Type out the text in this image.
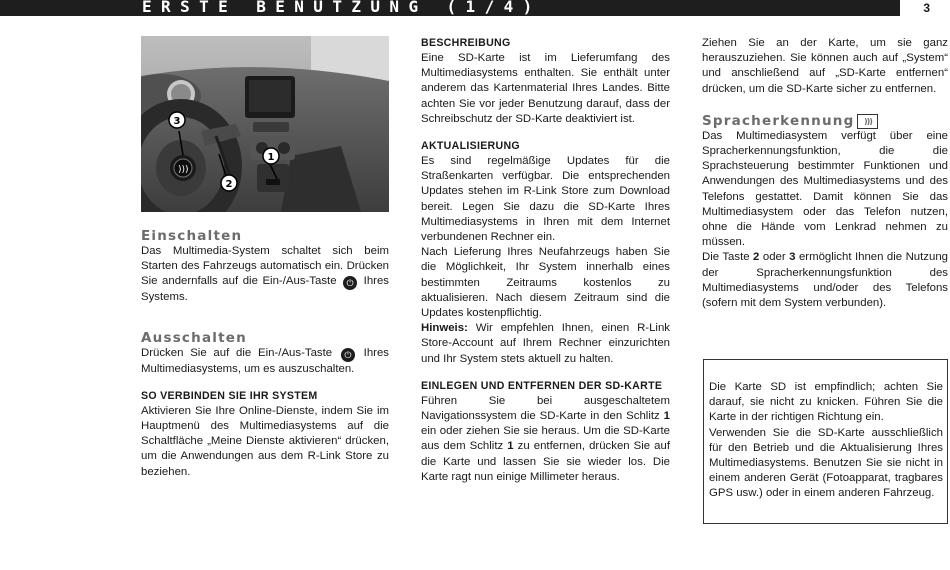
ERSTE BENUTZUNG (1/4)	3
)))
3
2
1

Einschalten

Das Multimedia-System schaltet sich beim Starten des Fahrzeugs automatisch ein. Drücken Sie andernfalls auf die Ein-/Aus-Taste ⏻ Ihres Systems.

Ausschalten

Drücken Sie auf die Ein-/Aus-Taste ⏻ Ihres Multimediasystems, um es auszuschalten.

SO VERBINDEN SIE IHR SYSTEM

Aktivieren Sie Ihre Online-Dienste, indem Sie im Hauptmenü des Multimediasystems auf die Schaltfläche „Meine Dienste aktivieren“ drücken, um die Anwendungen aus dem R-Link Store zu beziehen.

BESCHREIBUNG

Eine SD-Karte ist im Lieferumfang des Multimediasystems enthalten. Sie enthält unter anderem das Kartenmaterial Ihres Landes. Bitte achten Sie vor jeder Benutzung darauf, dass der Schreibschutz der SD-Karte deaktiviert ist.

AKTUALISIERUNG

Es sind regelmäßige Updates für die Straßenkarten verfügbar. Die entsprechenden Updates stehen im R-Link Store zum Download bereit. Legen Sie dazu die SD-Karte Ihres Multimediasystems in Ihren mit dem Internet verbundenen Rechner ein.

Nach Lieferung Ihres Neufahrzeugs haben Sie die Möglichkeit, Ihr System innerhalb eines bestimmten Zeitraums kostenlos zu aktualisieren. Nach diesem Zeitraum sind die Updates kostenpflichtig.

Hinweis: Wir empfehlen Ihnen, einen R-Link Store-Account auf Ihrem Rechner einzurichten und Ihr System stets aktuell zu halten.

EINLEGEN UND ENTFERNEN DER SD-KARTE

Führen Sie bei ausgeschaltetem Navigationssystem die SD-Karte in den Schlitz 1 ein oder ziehen Sie sie heraus. Um die SD-Karte aus dem Schlitz 1 zu entfernen, drücken Sie auf die Karte und lassen Sie sie wieder los. Die Karte ragt nun einige Millimeter heraus.

Ziehen Sie an der Karte, um sie ganz herauszuziehen. Sie können auch auf „System“ und anschließend auf „SD-Karte entfernen“ drücken, um die SD-Karte sicher zu entfernen.

Spracherkennung )))

Das Multimediasystem verfügt über eine Spracherkennungsfunktion, die die Sprachsteuerung bestimmter Funktionen und Anwendungen des Multimediasystems und des Telefons gestattet. Damit können Sie das Multimediasystem oder das Telefon nutzen, ohne die Hände vom Lenkrad nehmen zu müssen.

Die Taste 2 oder 3 ermöglicht Ihnen die Nutzung der Spracherkennungsfunktion des Multimediasystems und/oder des Telefons (sofern mit dem System verbunden).

Die Karte SD ist empfindlich; achten Sie darauf, sie nicht zu knicken. Führen Sie die Karte in der richtigen Richtung ein.

Verwenden Sie die SD-Karte ausschließlich für den Betrieb und die Aktualisierung Ihres Multimediasystems. Benutzen Sie sie nicht in einem anderen Gerät (Fotoapparat, tragbares GPS usw.) oder in einem anderen Fahrzeug.
